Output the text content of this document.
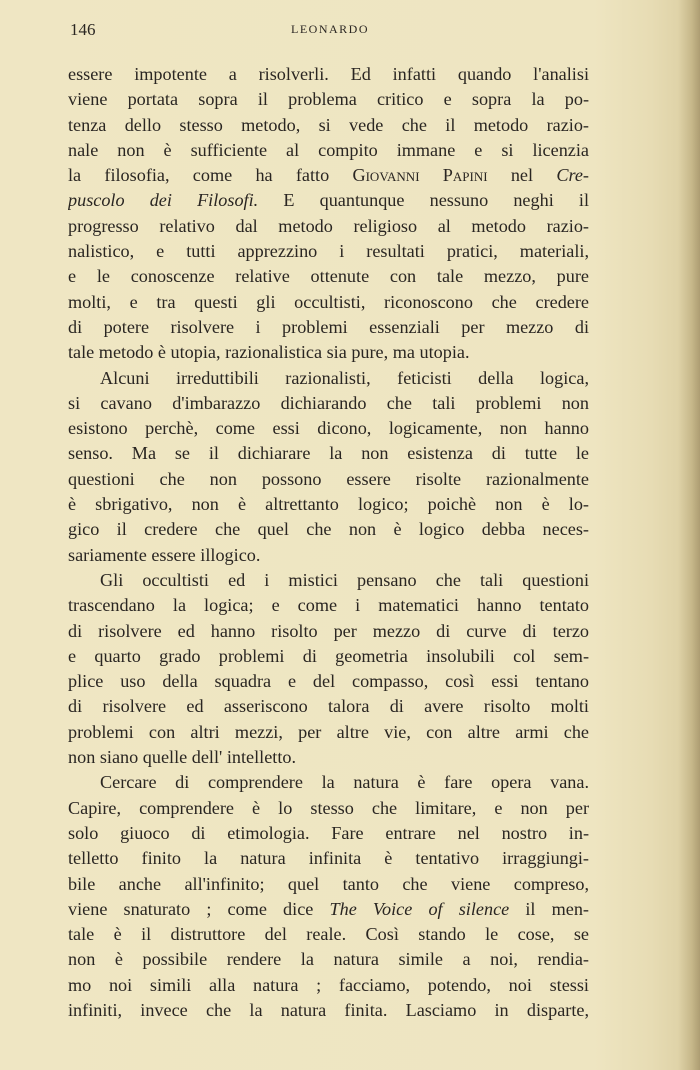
146	LEONARDO
essere impotente a risolverli. Ed infatti quando l'analisi
viene portata sopra il problema critico e sopra la po-
tenza dello stesso metodo, si vede che il metodo razio-
nale non è sufficiente al compito immane e si licenzia
la filosofia, come ha fatto Giovanni Papini nel Cre-
puscolo dei Filosofi. E quantunque nessuno neghi il
progresso relativo dal metodo religioso al metodo razio-
nalistico, e tutti apprezzino i resultati pratici, materiali,
e le conoscenze relative ottenute con tale mezzo, pure
molti, e tra questi gli occultisti, riconoscono che credere
di potere risolvere i problemi essenziali per mezzo di
tale metodo è utopia, razionalistica sia pure, ma utopia.
Alcuni irreduttibili razionalisti, feticisti della logica,
si cavano d'imbarazzo dichiarando che tali problemi non
esistono perchè, come essi dicono, logicamente, non hanno
senso. Ma se il dichiarare la non esistenza di tutte le
questioni che non possono essere risolte razionalmente
è sbrigativo, non è altrettanto logico; poichè non è lo-
gico il credere che quel che non è logico debba neces-
sariamente essere illogico.
Gli occultisti ed i mistici pensano che tali questioni
trascendano la logica; e come i matematici hanno tentato
di risolvere ed hanno risolto per mezzo di curve di terzo
e quarto grado problemi di geometria insolubili col sem-
plice uso della squadra e del compasso, così essi tentano
di risolvere ed asseriscono talora di avere risolto molti
problemi con altri mezzi, per altre vie, con altre armi che
non siano quelle dell' intelletto.
Cercare di comprendere la natura è fare opera vana.
Capire, comprendere è lo stesso che limitare, e non per
solo giuoco di etimologia. Fare entrare nel nostro in-
telletto finito la natura infinita è tentativo irraggiungi-
bile anche all'infinito; quel tanto che viene compreso,
viene snaturato ; come dice The Voice of silence il men-
tale è il distruttore del reale. Così stando le cose, se
non è possibile rendere la natura simile a noi, rendia-
mo noi simili alla natura ; facciamo, potendo, noi stessi
infiniti, invece che la natura finita. Lasciamo in disparte,
